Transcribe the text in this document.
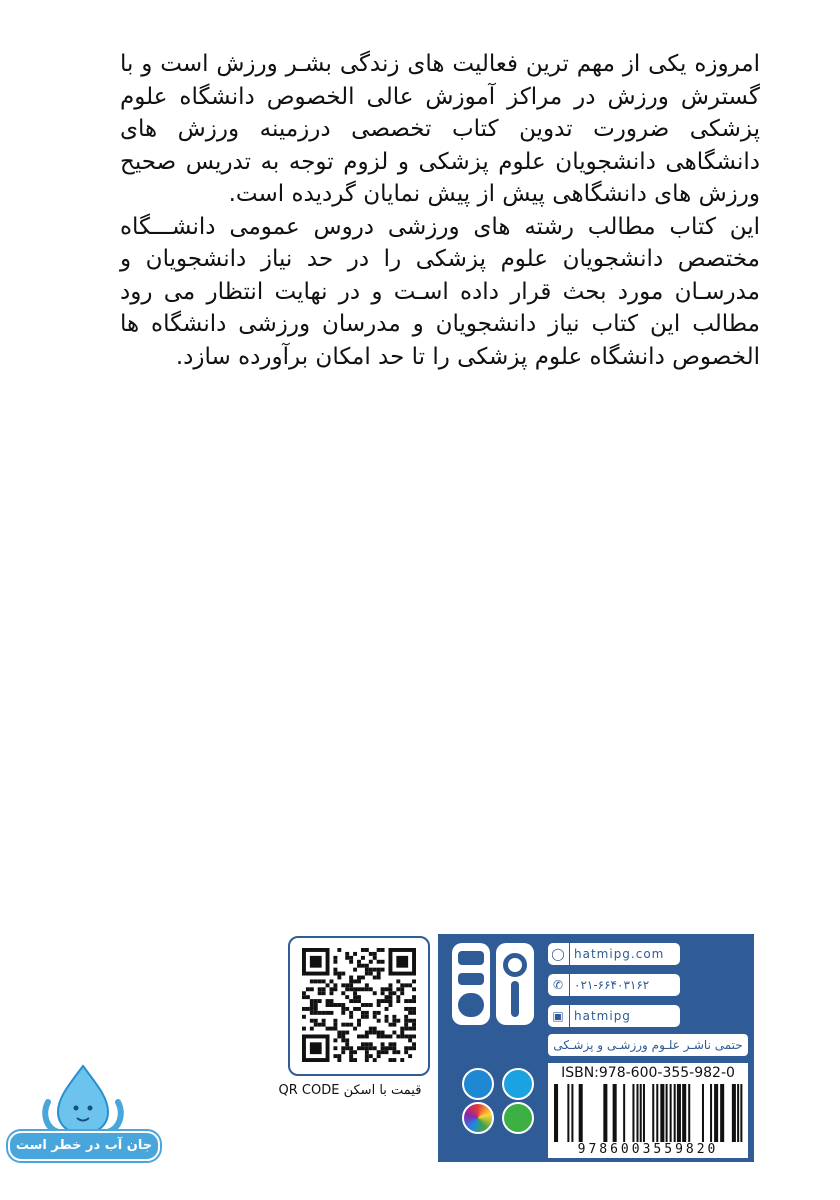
امروزه یکی از مهم ترین فعالیت های زندگی بشـر ورزش است و با گسترش ورزش در مراکز آموزش عالی الخصوص دانشگاه علوم پزشکی ضرورت تدوین کتاب تخصصی درزمینه ورزش های دانشگاهی دانشجویان علوم پزشکی و لزوم توجه به تدریس صحیح ورزش های دانشگاهی پیش از پیش نمایان گردیده است.

این کتاب مطالب رشته های ورزشی دروس عمومی دانشـــگاه مختصص دانشجویان علوم پزشکی را در حد نیاز دانشجویان و مدرسـان مورد بحث قرار داده اسـت و در نهایت انتظار می رود مطالب این کتاب نیاز دانشجویان و مدرسان ورزشی دانشگاه ها الخصوص دانشگاه علوم پزشکی را تا حد امکان برآورده سازد.

قیمت با اسکن QR CODE
◯ hatmipg.com
✆ ۰۲۱-۶۶۴۰۳۱۶۲
▣ hatmipg
حتمی ناشـر علـوم ورزشـی و پزشـکی
ISBN:978-600-355-982-0
9786003559820
جان آب در خطر است
